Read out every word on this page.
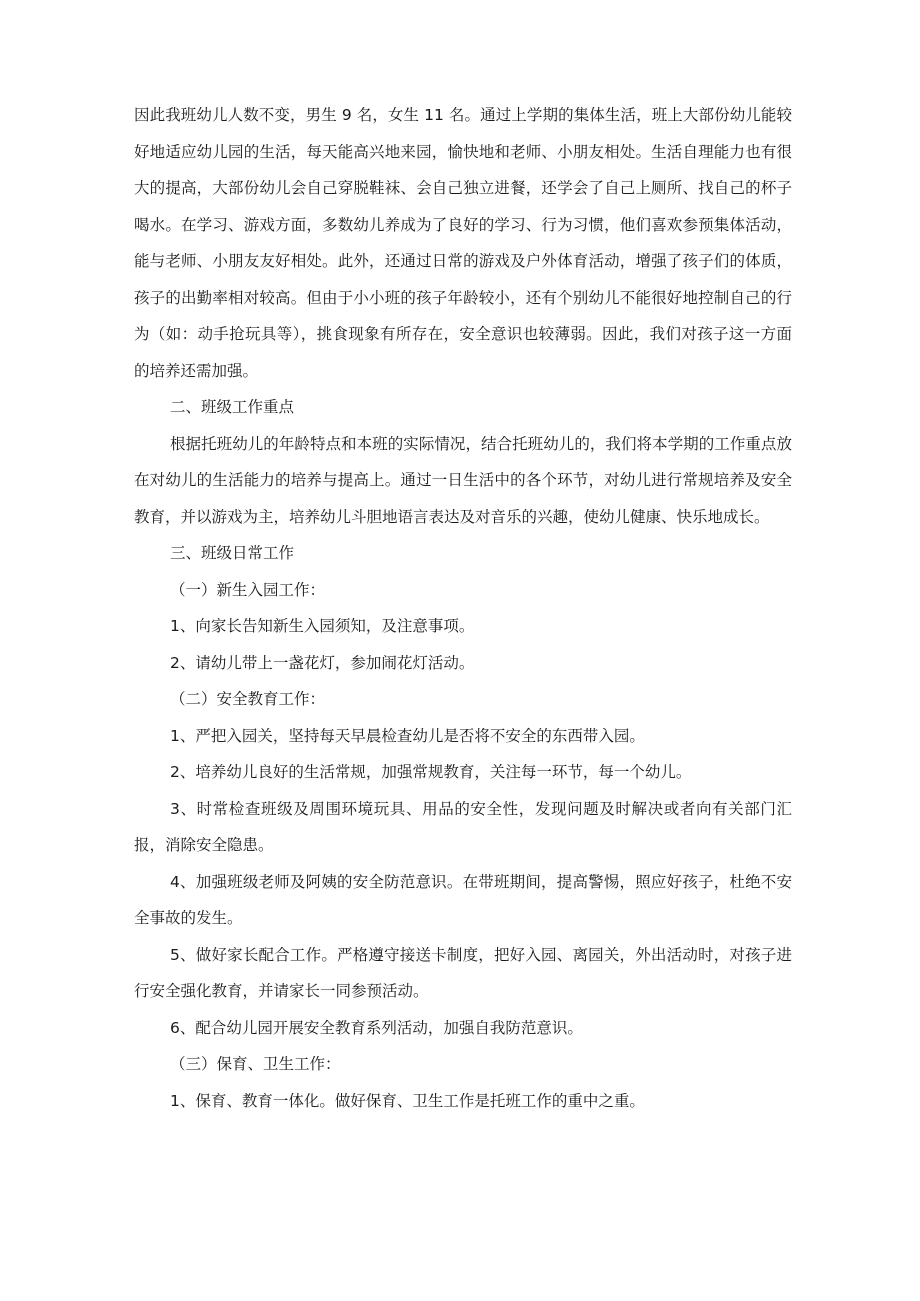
因此我班幼儿人数不变，男生 9 名，女生 11 名。通过上学期的集体生活，班上大部份幼儿能较好地适应幼儿园的生活，每天能高兴地来园，愉快地和老师、小朋友相处。生活自理能力也有很大的提高，大部份幼儿会自己穿脱鞋袜、会自己独立进餐，还学会了自己上厕所、找自己的杯子喝水。在学习、游戏方面，多数幼儿养成为了良好的学习、行为习惯，他们喜欢参预集体活动，能与老师、小朋友友好相处。此外，还通过日常的游戏及户外体育活动，增强了孩子们的体质，孩子的出勤率相对较高。但由于小小班的孩子年龄较小，还有个别幼儿不能很好地控制自己的行为（如：动手抢玩具等），挑食现象有所存在，安全意识也较薄弱。因此，我们对孩子这一方面的培养还需加强。

二、班级工作重点

根据托班幼儿的年龄特点和本班的实际情况，结合托班幼儿的，我们将本学期的工作重点放在对幼儿的生活能力的培养与提高上。通过一日生活中的各个环节，对幼儿进行常规培养及安全教育，并以游戏为主，培养幼儿斗胆地语言表达及对音乐的兴趣，使幼儿健康、快乐地成长。

三、班级日常工作

（一）新生入园工作：

1、向家长告知新生入园须知，及注意事项。

2、请幼儿带上一盏花灯，参加闹花灯活动。

（二）安全教育工作：

1、严把入园关，坚持每天早晨检查幼儿是否将不安全的东西带入园。

2、培养幼儿良好的生活常规，加强常规教育，关注每一环节，每一个幼儿。

3、时常检查班级及周围环境玩具、用品的安全性，发现问题及时解决或者向有关部门汇报，消除安全隐患。

4、加强班级老师及阿姨的安全防范意识。在带班期间，提高警惕，照应好孩子，杜绝不安全事故的发生。

5、做好家长配合工作。严格遵守接送卡制度，把好入园、离园关，外出活动时，对孩子进行安全强化教育，并请家长一同参预活动。

6、配合幼儿园开展安全教育系列活动，加强自我防范意识。

（三）保育、卫生工作：

1、保育、教育一体化。做好保育、卫生工作是托班工作的重中之重。
